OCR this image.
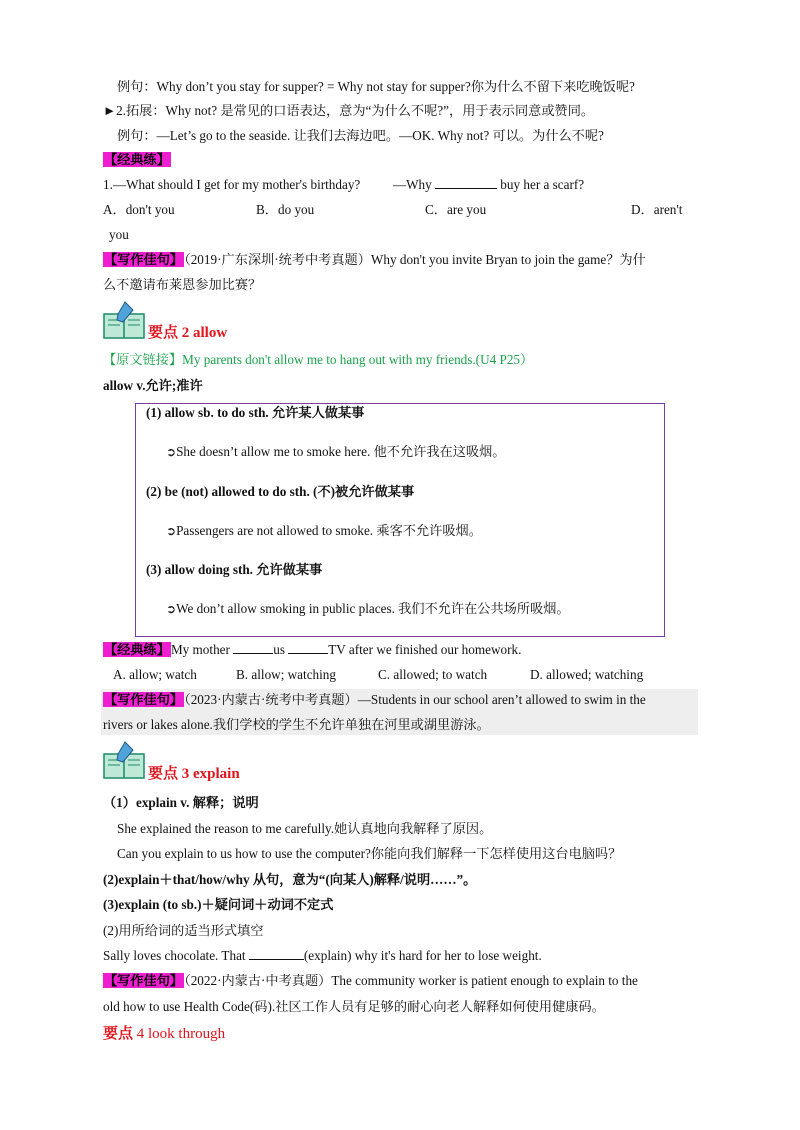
例句：Why don’t you stay for supper? = Why not stay for supper?你为什么不留下来吃晚饭呢?
►2.拓展：Why not? 是常见的口语表达，意为“为什么不呢?”，用于表示同意或赞同。
例句：—Let’s go to the seaside. 让我们去海边吧。—OK. Why not? 可以。为什么不呢?
【经典练】
1.—What should I get for my mother's birthday? —Why	buy her a scarf?
A．don't you	B．do you	C．are you	D．aren't
you
【写作佳句】（2019·广东深圳·统考中考真题）Why don't you invite Bryan to join the game？为什
么不邀请布莱恩参加比赛？
要点 2 allow
【原文链接】My parents don't allow me to hang out with my friends.(U4 P25）
allow v.允许;准许
(1) allow sb. to do sth. 允许某人做某事
➲She doesn’t allow me to smoke here. 他不允许我在这吸烟。
(2) be (not) allowed to do sth. (不)被允许做某事
➲Passengers are not allowed to smoke. 乘客不允许吸烟。
(3) allow doing sth. 允许做某事
➲We don’t allow smoking in public places. 我们不允许在公共场所吸烟。
【经典练】My mother	us	TV after we finished our homework.
A. allow; watch	B. allow; watching	C. allowed; to watch	D. allowed; watching
【写作佳句】（2023·内蒙古·统考中考真题）—Students in our school aren’t allowed to swim in the
rivers or lakes alone.我们学校的学生不允许单独在河里或湖里游泳。
要点 3 explain
（1）explain v. 解释；说明
She explained the reason to me carefully.她认真地向我解释了原因。
Can you explain to us how to use the computer?你能向我们解释一下怎样使用这台电脑吗？
(2)explain＋that/how/why 从句，意为“(向某人)解释/说明……”。
(3)explain (to sb.)＋疑问词＋动词不定式
(2)用所给词的适当形式填空
Sally loves chocolate. That	(explain) why it's hard for her to lose weight.
【写作佳句】（2022·内蒙古·中考真题）The community worker is patient enough to explain to the
old how to use Health Code(码).社区工作人员有足够的耐心向老人解释如何使用健康码。
要点 4 look through
